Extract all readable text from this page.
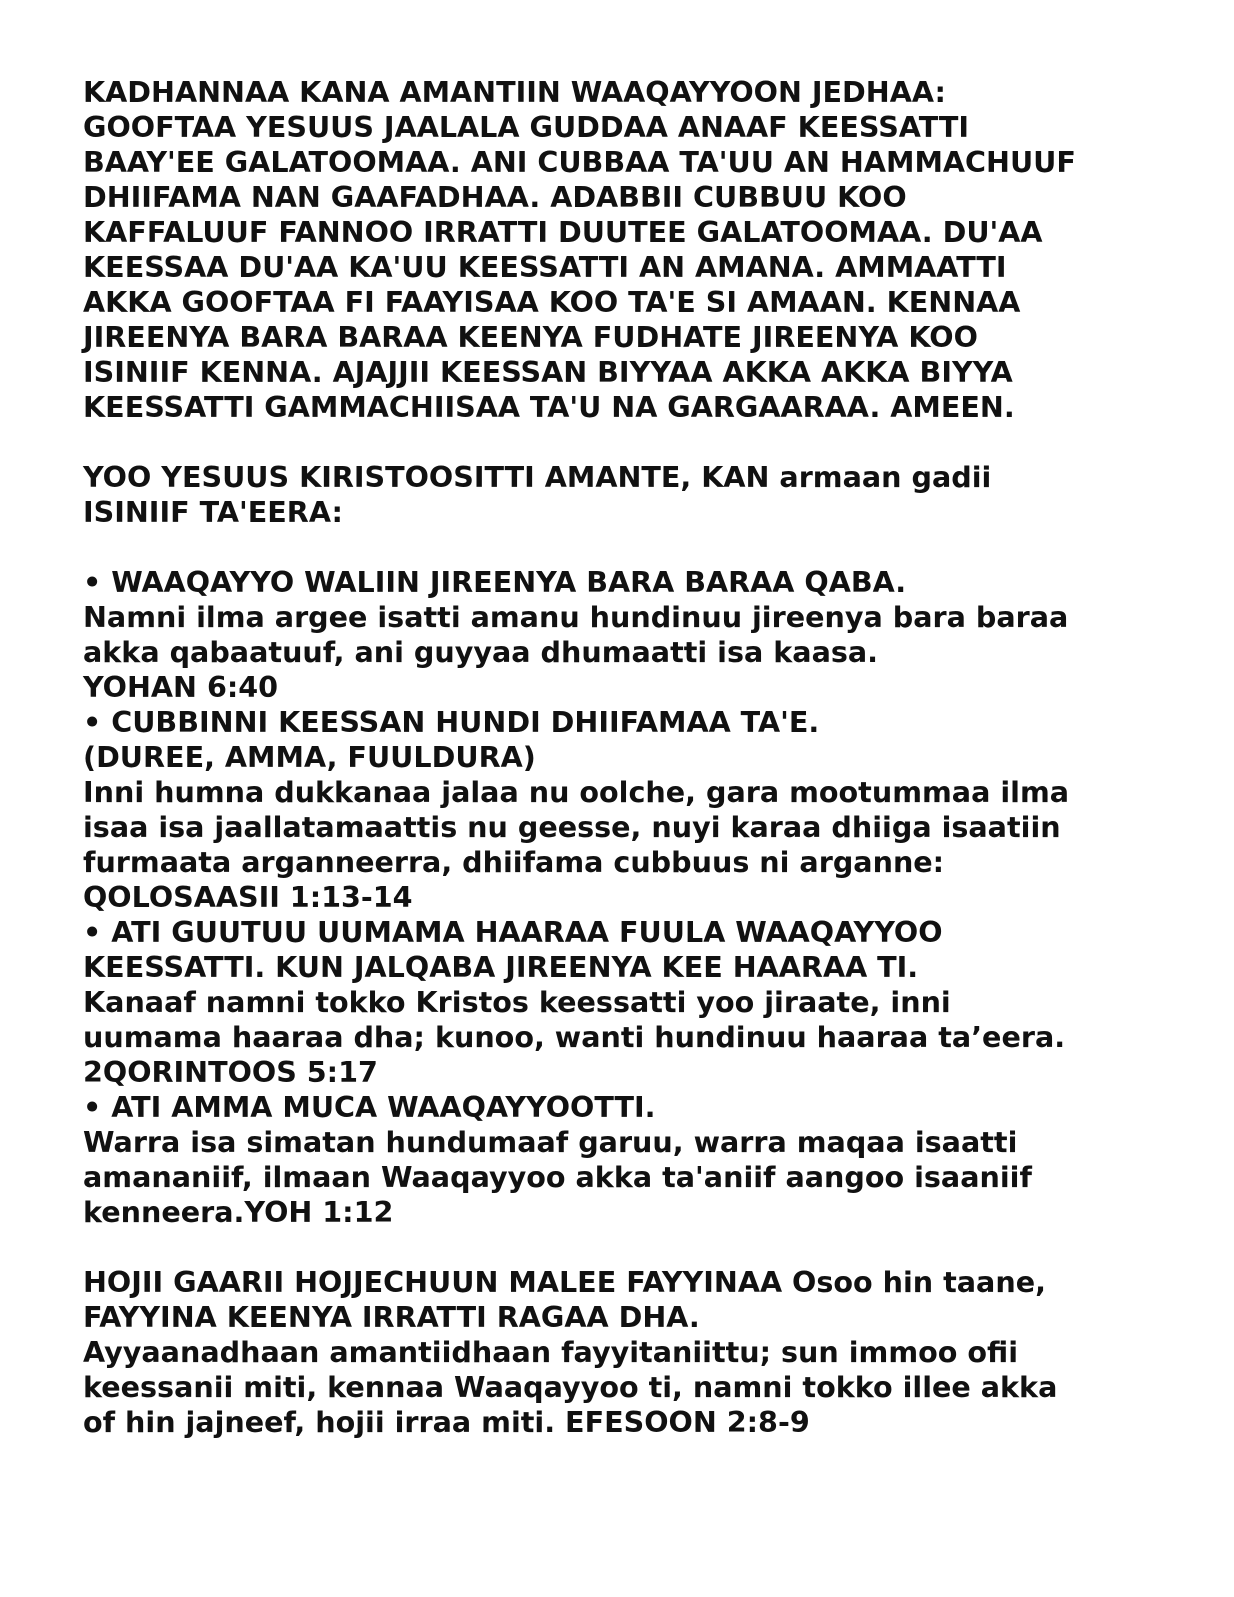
KADHANNAA KANA AMANTIIN WAAQAYYOON JEDHAA:
GOOFTAA YESUUS JAALALA GUDDAA ANAAF KEESSATTI
BAAY'EE GALATOOMAA. ANI CUBBAA TA'UU AN HAMMACHUUF
DHIIFAMA NAN GAAFADHAA. ADABBII CUBBUU KOO
KAFFALUUF FANNOO IRRATTI DUUTEE GALATOOMAA. DU'AA
KEESSAA DU'AA KA'UU KEESSATTI AN AMANA. AMMAATTI
AKKA GOOFTAA FI FAAYISAA KOO TA'E SI AMAAN. KENNAA
JIREENYA BARA BARAA KEENYA FUDHATE JIREENYA KOO
ISINIIF KENNA. AJAJJII KEESSAN BIYYAA AKKA AKKA BIYYA
KEESSATTI GAMMACHIISAA TA'U NA GARGAARAA. AMEEN.
YOO YESUUS KIRISTOOSITTI AMANTE, KAN armaan gadii
ISINIIF TA'EERA:
• WAAQAYYO WALIIN JIREENYA BARA BARAA QABA.
Namni ilma argee isatti amanu hundinuu jireenya bara baraa
akka qabaatuuf, ani guyyaa dhumaatti isa kaasa.
YOHAN 6:40
• CUBBINNI KEESSAN HUNDI DHIIFAMAA TA'E.
(DUREE, AMMA, FUULDURA)
Inni humna dukkanaa jalaa nu oolche, gara mootummaa ilma
isaa isa jaallatamaattis nu geesse, nuyi karaa dhiiga isaatiin
furmaata arganneerra, dhiifama cubbuus ni arganne:
QOLOSAASII 1:13-14
• ATI GUUTUU UUMAMA HAARAA FUULA WAAQAYYOO
KEESSATTI. KUN JALQABA JIREENYA KEE HAARAA TI.
Kanaaf namni tokko Kristos keessatti yoo jiraate, inni
uumama haaraa dha; kunoo, wanti hundinuu haaraa ta’eera.
2QORINTOOS 5:17
• ATI AMMA MUCA WAAQAYYOOTTI.
Warra isa simatan hundumaaf garuu, warra maqaa isaatti
amananiif, ilmaan Waaqayyoo akka ta'aniif aangoo isaaniif
kenneera.YOH 1:12
HOJII GAARII HOJJECHUUN MALEE FAYYINAA Osoo hin taane,
FAYYINA KEENYA IRRATTI RAGAA DHA.
Ayyaanadhaan amantiidhaan fayyitaniittu; sun immoo ofii
keessanii miti, kennaa Waaqayyoo ti, namni tokko illee akka
of hin jajneef, hojii irraa miti. EFESOON 2:8-9
